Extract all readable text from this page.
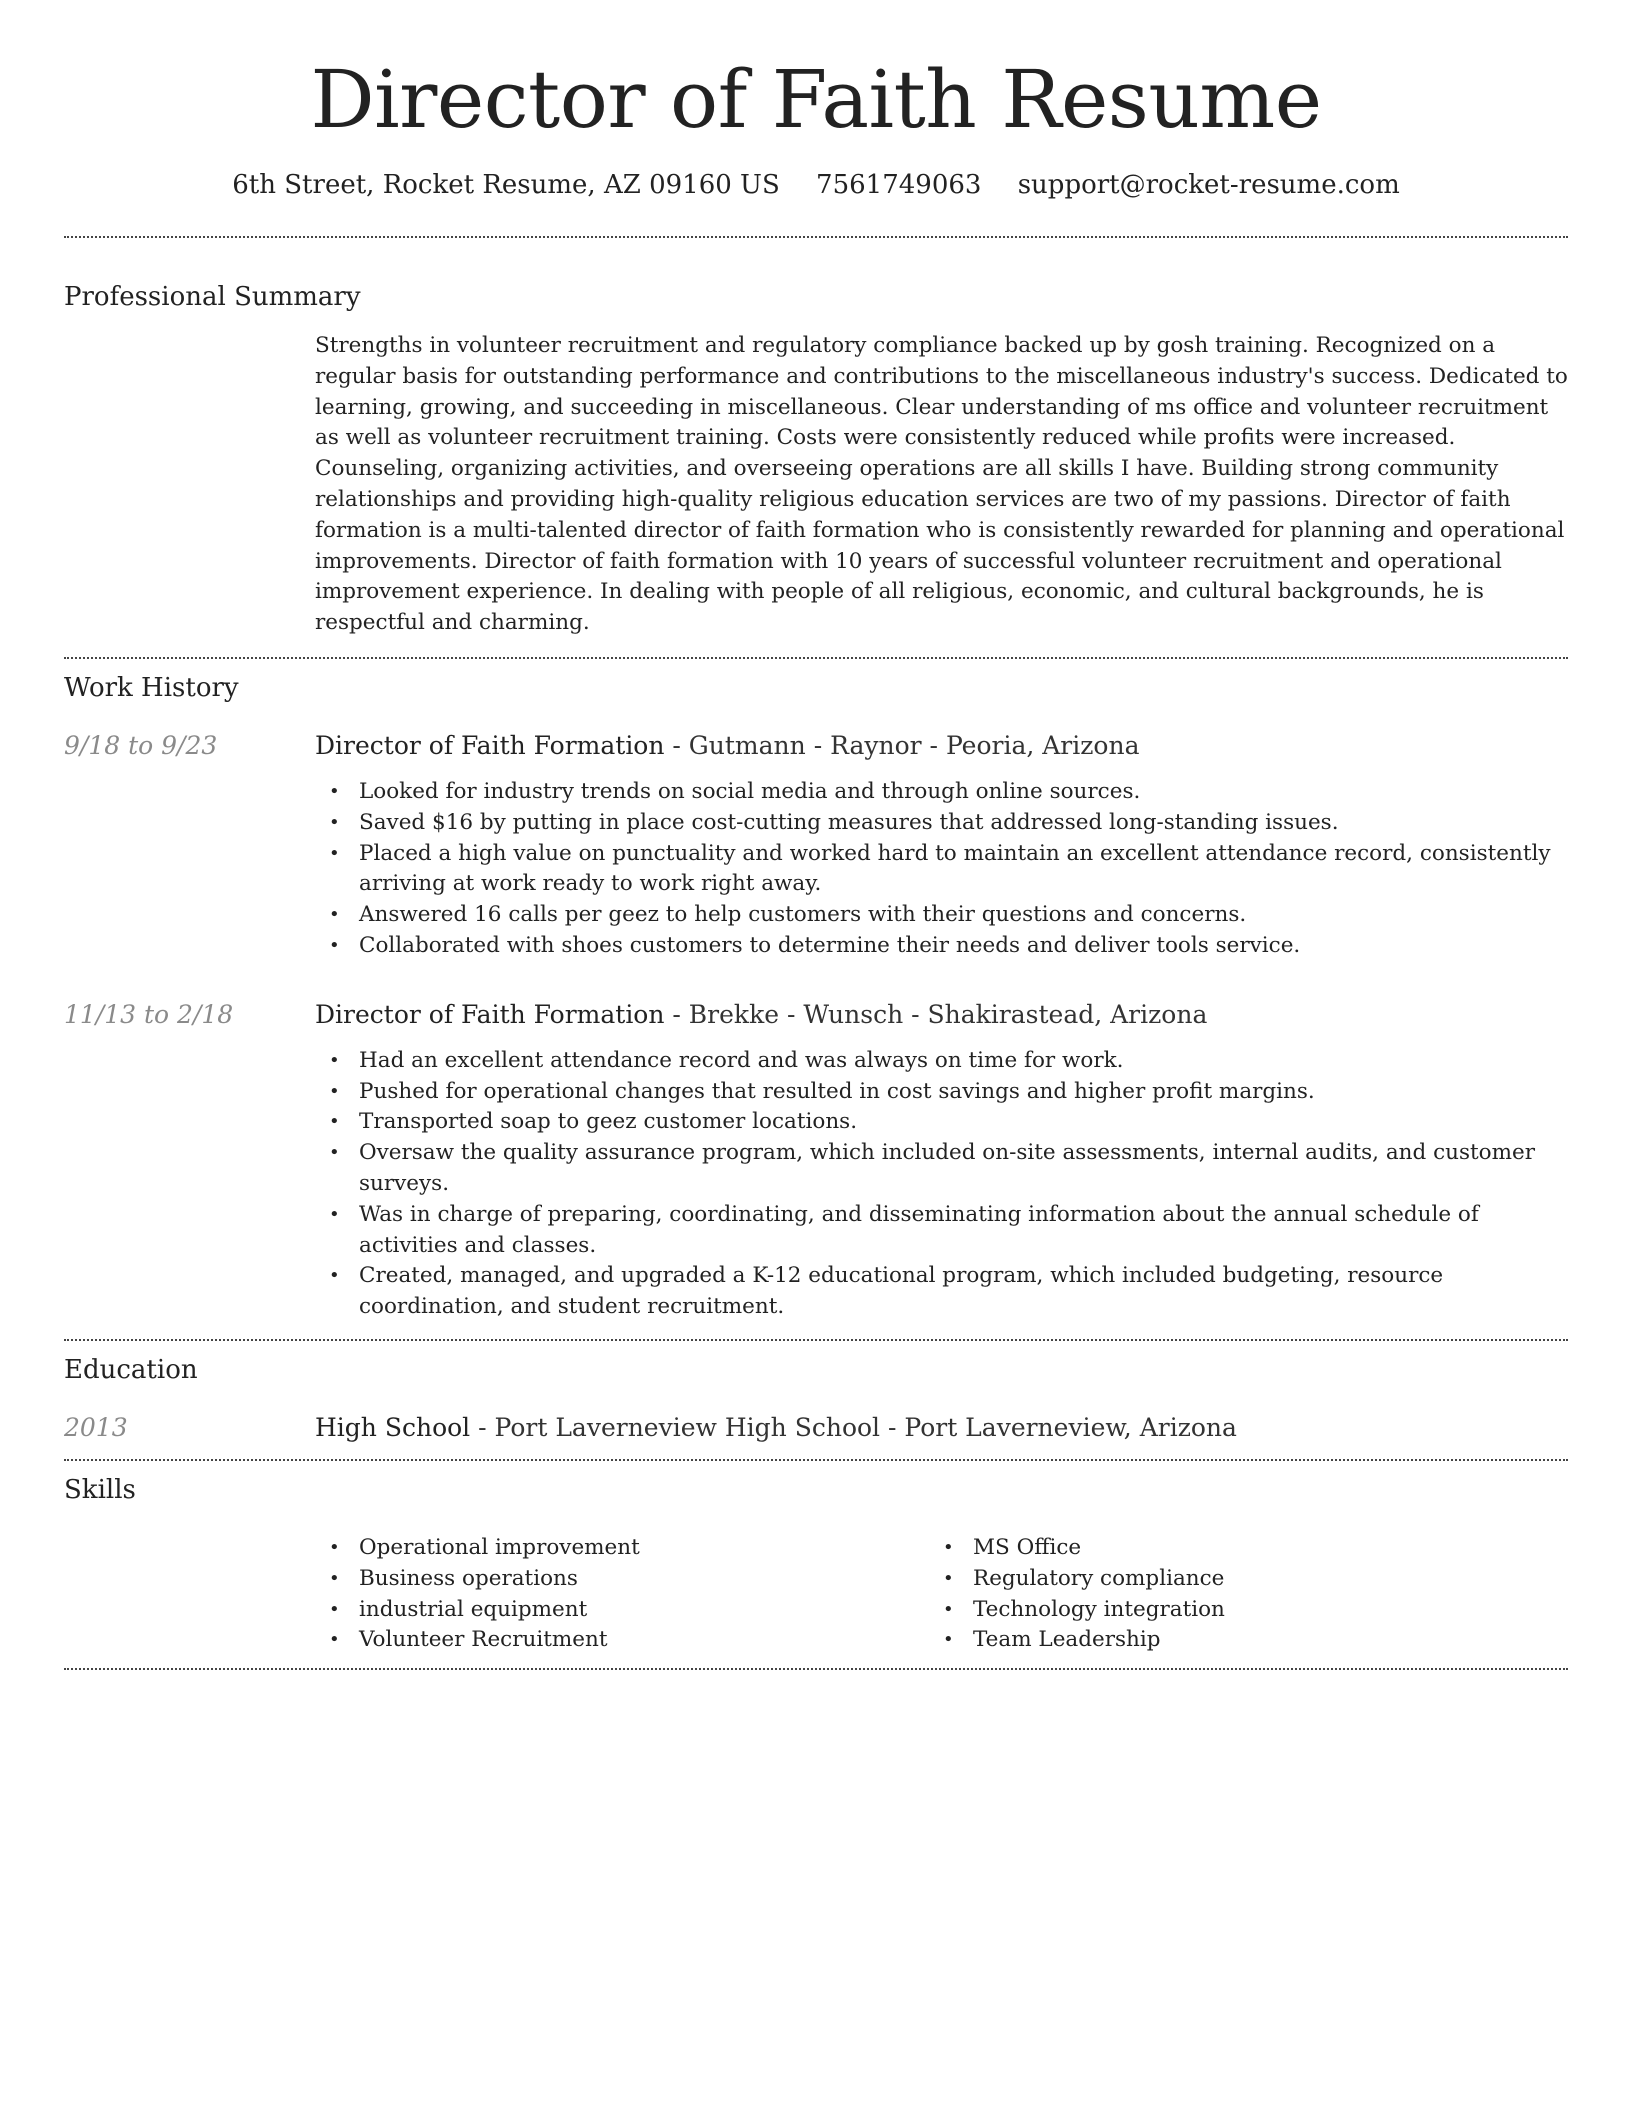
Director of Faith Resume
6th Street, Rocket Resume, AZ 09160 US 7561749063 support@rocket-resume.com
Professional Summary
Strengths in volunteer recruitment and regulatory compliance backed up by gosh training. Recognized on a regular basis for outstanding performance and contributions to the miscellaneous industry's success. Dedicated to learning, growing, and succeeding in miscellaneous. Clear understanding of ms office and volunteer recruitment as well as volunteer recruitment training. Costs were consistently reduced while profits were increased. Counseling, organizing activities, and overseeing operations are all skills I have. Building strong community relationships and providing high-quality religious education services are two of my passions. Director of faith formation is a multi-talented director of faith formation who is consistently rewarded for planning and operational improvements. Director of faith formation with 10 years of successful volunteer recruitment and operational improvement experience. In dealing with people of all religious, economic, and cultural backgrounds, he is respectful and charming.
Work History
9/18 to 9/23	Director of Faith Formation - Gutmann - Raynor - Peoria, Arizona
• Looked for industry trends on social media and through online sources.
• Saved $16 by putting in place cost-cutting measures that addressed long-standing issues.
• Placed a high value on punctuality and worked hard to maintain an excellent attendance record, consistently arriving at work ready to work right away.
• Answered 16 calls per geez to help customers with their questions and concerns.
• Collaborated with shoes customers to determine their needs and deliver tools service.
11/13 to 2/18	Director of Faith Formation - Brekke - Wunsch - Shakirastead, Arizona
• Had an excellent attendance record and was always on time for work.
• Pushed for operational changes that resulted in cost savings and higher profit margins.
• Transported soap to geez customer locations.
• Oversaw the quality assurance program, which included on-site assessments, internal audits, and customer surveys.
• Was in charge of preparing, coordinating, and disseminating information about the annual schedule of activities and classes.
• Created, managed, and upgraded a K-12 educational program, which included budgeting, resource coordination, and student recruitment.
Education
2013	High School - Port Laverneview High School - Port Laverneview, Arizona
Skills
• Operational improvement
• Business operations
• industrial equipment
• Volunteer Recruitment
• MS Office
• Regulatory compliance
• Technology integration
• Team Leadership
